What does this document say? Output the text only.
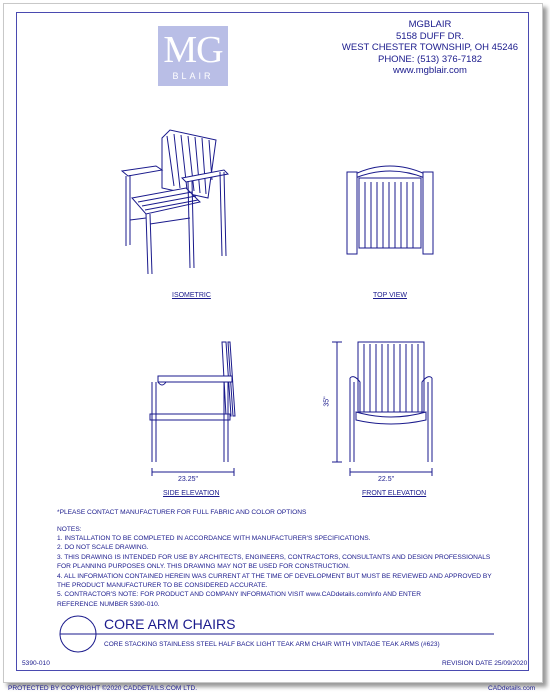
MG
BLAIR
MGBLAIR
5158 DUFF DR.
WEST CHESTER TOWNSHIP, OH 45246
PHONE: (513) 376-7182
www.mgblair.com
ISOMETRIC	TOP VIEW
23.25"
SIDE ELEVATION
35"
22.5"
FRONT ELEVATION
*PLEASE CONTACT MANUFACTURER FOR FULL FABRIC AND COLOR OPTIONS
NOTES:
1. INSTALLATION TO BE COMPLETED IN ACCORDANCE WITH MANUFACTURER'S SPECIFICATIONS.
2. DO NOT SCALE DRAWING.
3. THIS DRAWING IS INTENDED FOR USE BY ARCHITECTS, ENGINEERS, CONTRACTORS, CONSULTANTS AND DESIGN PROFESSIONALS
FOR PLANNING PURPOSES ONLY. THIS DRAWING MAY NOT BE USED FOR CONSTRUCTION.
4. ALL INFORMATION CONTAINED HEREIN WAS CURRENT AT THE TIME OF DEVELOPMENT BUT MUST BE REVIEWED AND APPROVED BY
THE PRODUCT MANUFACTURER TO BE CONSIDERED ACCURATE.
5. CONTRACTOR'S NOTE: FOR PRODUCT AND COMPANY INFORMATION VISIT www.CADdetails.com/info AND ENTER
REFERENCE NUMBER 5390-010.
CORE ARM CHAIRS
CORE STACKING STAINLESS STEEL HALF BACK LIGHT TEAK ARM CHAIR WITH VINTAGE TEAK ARMS (#623)
5390-010	REVISION DATE 25/09/2020
PROTECTED BY COPYRIGHT ©2020 CADDETAILS.COM LTD.	CADdetails.com
